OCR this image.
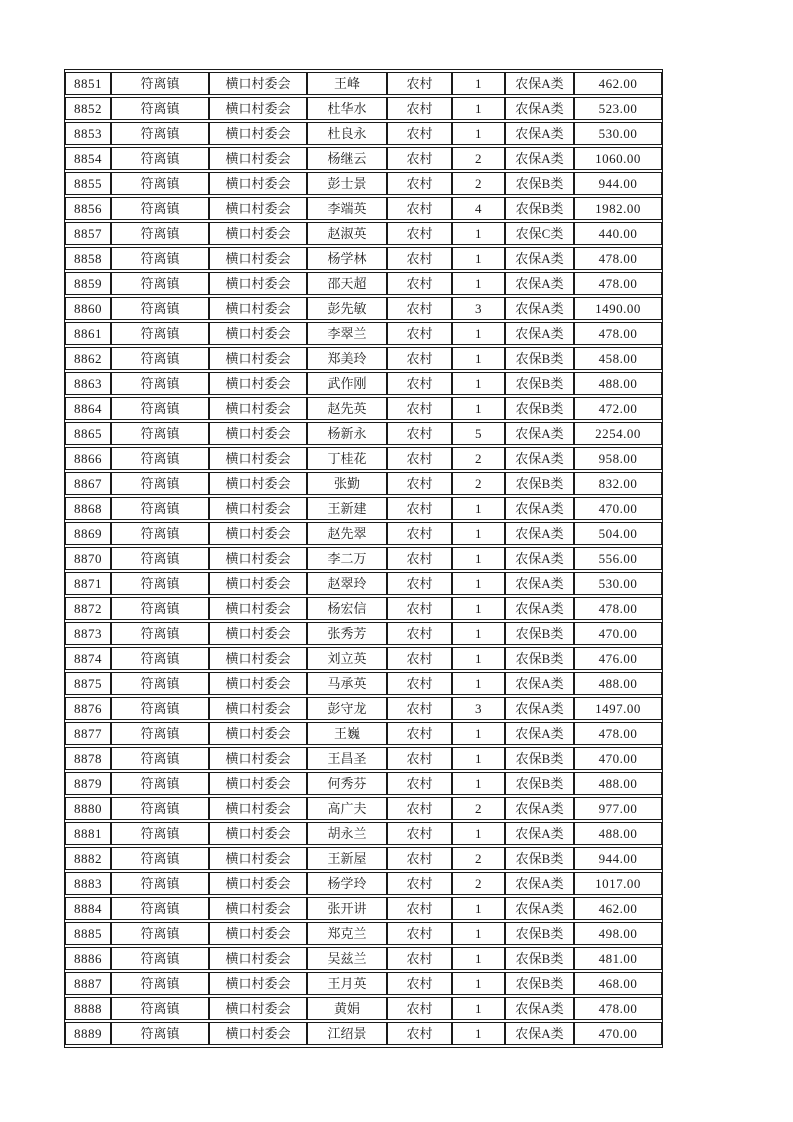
8851	符离镇	横口村委会	王峰	农村	1	农保A类	462.00
8852	符离镇	横口村委会	杜华水	农村	1	农保A类	523.00
8853	符离镇	横口村委会	杜良永	农村	1	农保A类	530.00
8854	符离镇	横口村委会	杨继云	农村	2	农保A类	1060.00
8855	符离镇	横口村委会	彭士景	农村	2	农保B类	944.00
8856	符离镇	横口村委会	李端英	农村	4	农保B类	1982.00
8857	符离镇	横口村委会	赵淑英	农村	1	农保C类	440.00
8858	符离镇	横口村委会	杨学林	农村	1	农保A类	478.00
8859	符离镇	横口村委会	邵天超	农村	1	农保A类	478.00
8860	符离镇	横口村委会	彭先敏	农村	3	农保A类	1490.00
8861	符离镇	横口村委会	李翠兰	农村	1	农保A类	478.00
8862	符离镇	横口村委会	郑美玲	农村	1	农保B类	458.00
8863	符离镇	横口村委会	武作刚	农村	1	农保B类	488.00
8864	符离镇	横口村委会	赵先英	农村	1	农保B类	472.00
8865	符离镇	横口村委会	杨新永	农村	5	农保A类	2254.00
8866	符离镇	横口村委会	丁桂花	农村	2	农保A类	958.00
8867	符离镇	横口村委会	张勤	农村	2	农保B类	832.00
8868	符离镇	横口村委会	王新建	农村	1	农保A类	470.00
8869	符离镇	横口村委会	赵先翠	农村	1	农保A类	504.00
8870	符离镇	横口村委会	李二万	农村	1	农保A类	556.00
8871	符离镇	横口村委会	赵翠玲	农村	1	农保A类	530.00
8872	符离镇	横口村委会	杨宏信	农村	1	农保A类	478.00
8873	符离镇	横口村委会	张秀芳	农村	1	农保B类	470.00
8874	符离镇	横口村委会	刘立英	农村	1	农保B类	476.00
8875	符离镇	横口村委会	马承英	农村	1	农保A类	488.00
8876	符离镇	横口村委会	彭守龙	农村	3	农保A类	1497.00
8877	符离镇	横口村委会	王巍	农村	1	农保A类	478.00
8878	符离镇	横口村委会	王昌圣	农村	1	农保B类	470.00
8879	符离镇	横口村委会	何秀芬	农村	1	农保B类	488.00
8880	符离镇	横口村委会	高广夫	农村	2	农保A类	977.00
8881	符离镇	横口村委会	胡永兰	农村	1	农保A类	488.00
8882	符离镇	横口村委会	王新屋	农村	2	农保B类	944.00
8883	符离镇	横口村委会	杨学玲	农村	2	农保A类	1017.00
8884	符离镇	横口村委会	张开讲	农村	1	农保A类	462.00
8885	符离镇	横口村委会	郑克兰	农村	1	农保B类	498.00
8886	符离镇	横口村委会	吴兹兰	农村	1	农保B类	481.00
8887	符离镇	横口村委会	王月英	农村	1	农保B类	468.00
8888	符离镇	横口村委会	黄娟	农村	1	农保A类	478.00
8889	符离镇	横口村委会	江绍景	农村	1	农保A类	470.00
